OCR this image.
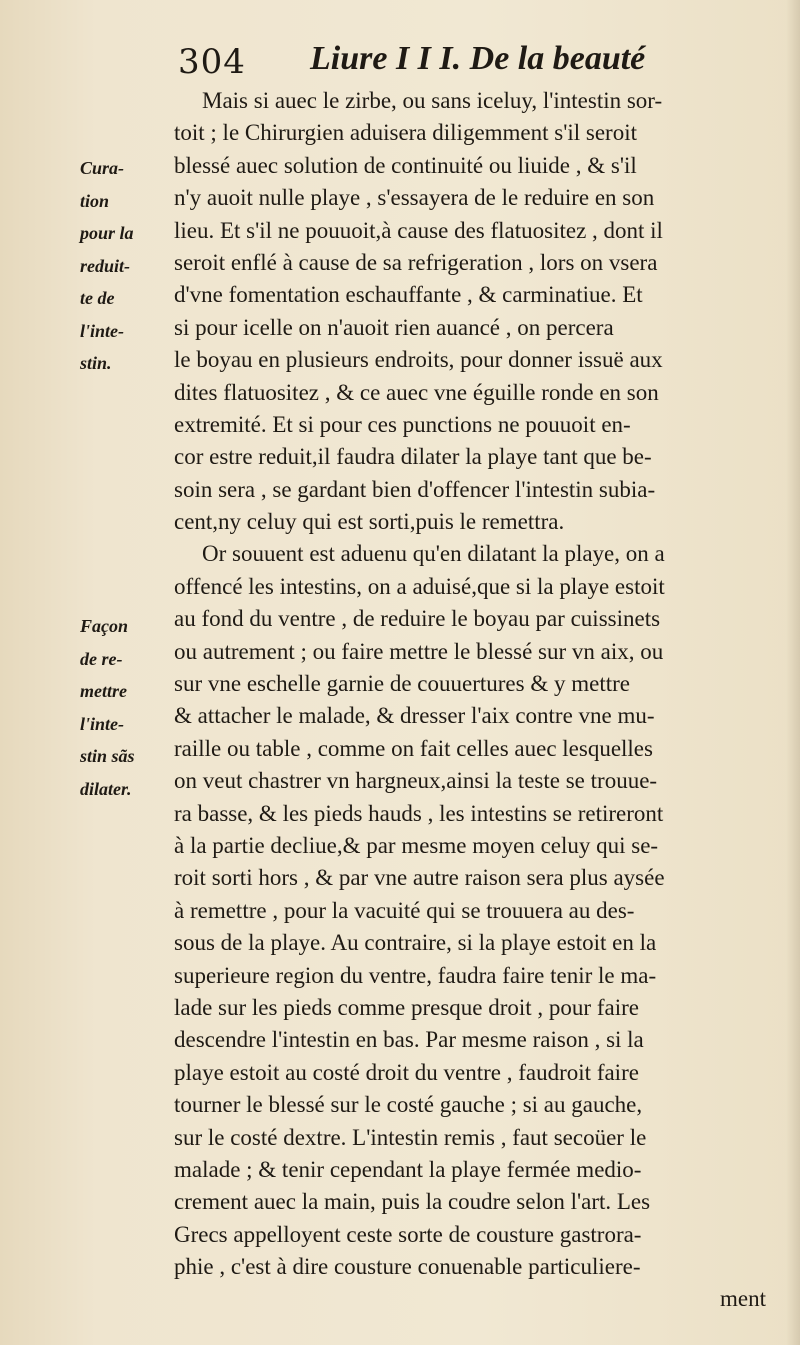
304 Liure I I I. De la beauté
Cura-
tion
pour la
reduit-
te de
l'inte-
stin.
Façon
de re-
mettre
l'inte-
stin sãs
dilater.
Mais si auec le zirbe, ou sans iceluy, l'intestin sor-
toit ; le Chirurgien aduisera diligemment s'il seroit
blessé auec solution de continuité ou liuide , & s'il
n'y auoit nulle playe , s'essayera de le reduire en son
lieu. Et s'il ne pouuoit,à cause des flatuositez , dont il
seroit enflé à cause de sa refrigeration , lors on vsera
d'vne fomentation eschauffante , & carminatiue. Et
si pour icelle on n'auoit rien auancé , on percera
le boyau en plusieurs endroits, pour donner issuë aux
dites flatuositez , & ce auec vne éguille ronde en son
extremité. Et si pour ces punctions ne pouuoit en-
cor estre reduit,il faudra dilater la playe tant que be-
soin sera , se gardant bien d'offencer l'intestin subia-
cent,ny celuy qui est sorti,puis le remettra.
Or souuent est aduenu qu'en dilatant la playe, on a
offencé les intestins, on a aduisé,que si la playe estoit
au fond du ventre , de reduire le boyau par cuissinets
ou autrement ; ou faire mettre le blessé sur vn aix, ou
sur vne eschelle garnie de couuertures & y mettre
& attacher le malade, & dresser l'aix contre vne mu-
raille ou table , comme on fait celles auec lesquelles
on veut chastrer vn hargneux,ainsi la teste se trouue-
ra basse, & les pieds hauds , les intestins se retireront
à la partie decliue,& par mesme moyen celuy qui se-
roit sorti hors , & par vne autre raison sera plus aysée
à remettre , pour la vacuité qui se trouuera au des-
sous de la playe. Au contraire, si la playe estoit en la
superieure region du ventre, faudra faire tenir le ma-
lade sur les pieds comme presque droit , pour faire
descendre l'intestin en bas. Par mesme raison , si la
playe estoit au costé droit du ventre , faudroit faire
tourner le blessé sur le costé gauche ; si au gauche,
sur le costé dextre. L'intestin remis , faut secoüer le
malade ; & tenir cependant la playe fermée medio-
crement auec la main, puis la coudre selon l'art. Les
Grecs appelloyent ceste sorte de cousture gastrora-
phie , c'est à dire cousture conuenable particuliere-
ment
